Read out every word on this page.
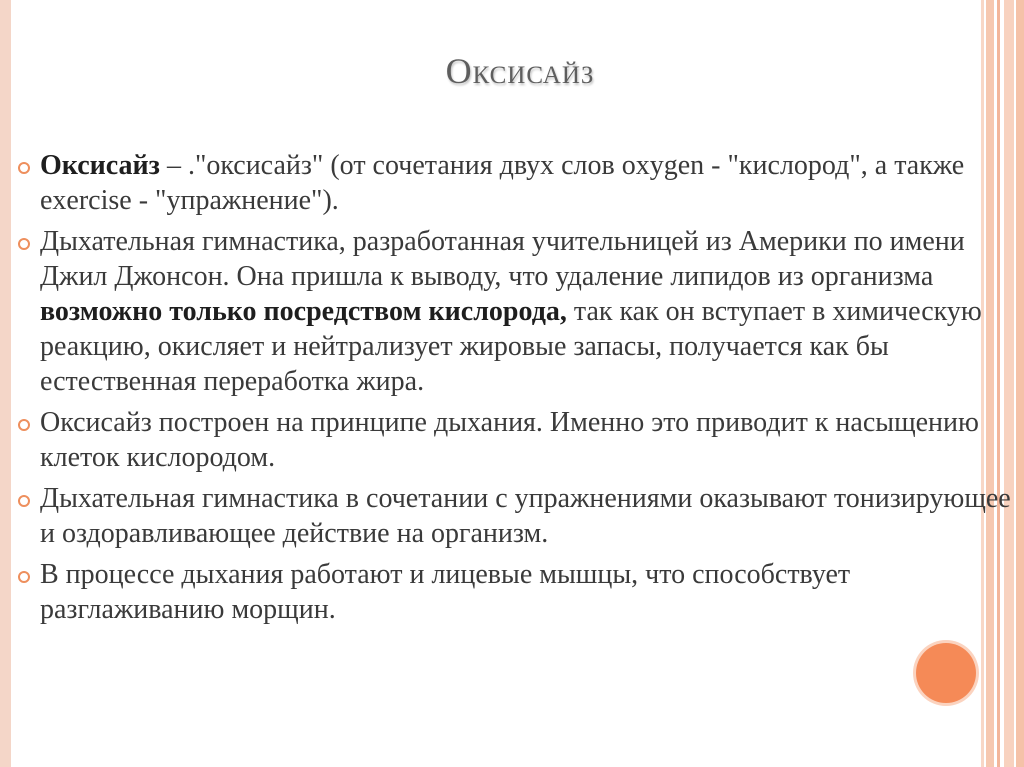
Оксисайз
Оксисайз – ."оксисайз" (от сочетания двух слов oxygen - "кислород", а также exercise - "упражнение").
Дыхательная гимнастика, разработанная учительницей из Америки по имени Джил Джонсон. Она пришла к выводу, что удаление липидов из организма возможно только посредством кислорода, так как он вступает в химическую реакцию, окисляет и нейтрализует жировые запасы, получается как бы естественная переработка жира.
Оксисайз построен на принципе дыхания. Именно это приводит к насыщению клеток кислородом.
Дыхательная гимнастика в сочетании с упражнениями оказывают тонизирующее и оздоравливающее действие на организм.
В процессе дыхания работают и лицевые мышцы, что способствует разглаживанию морщин.
